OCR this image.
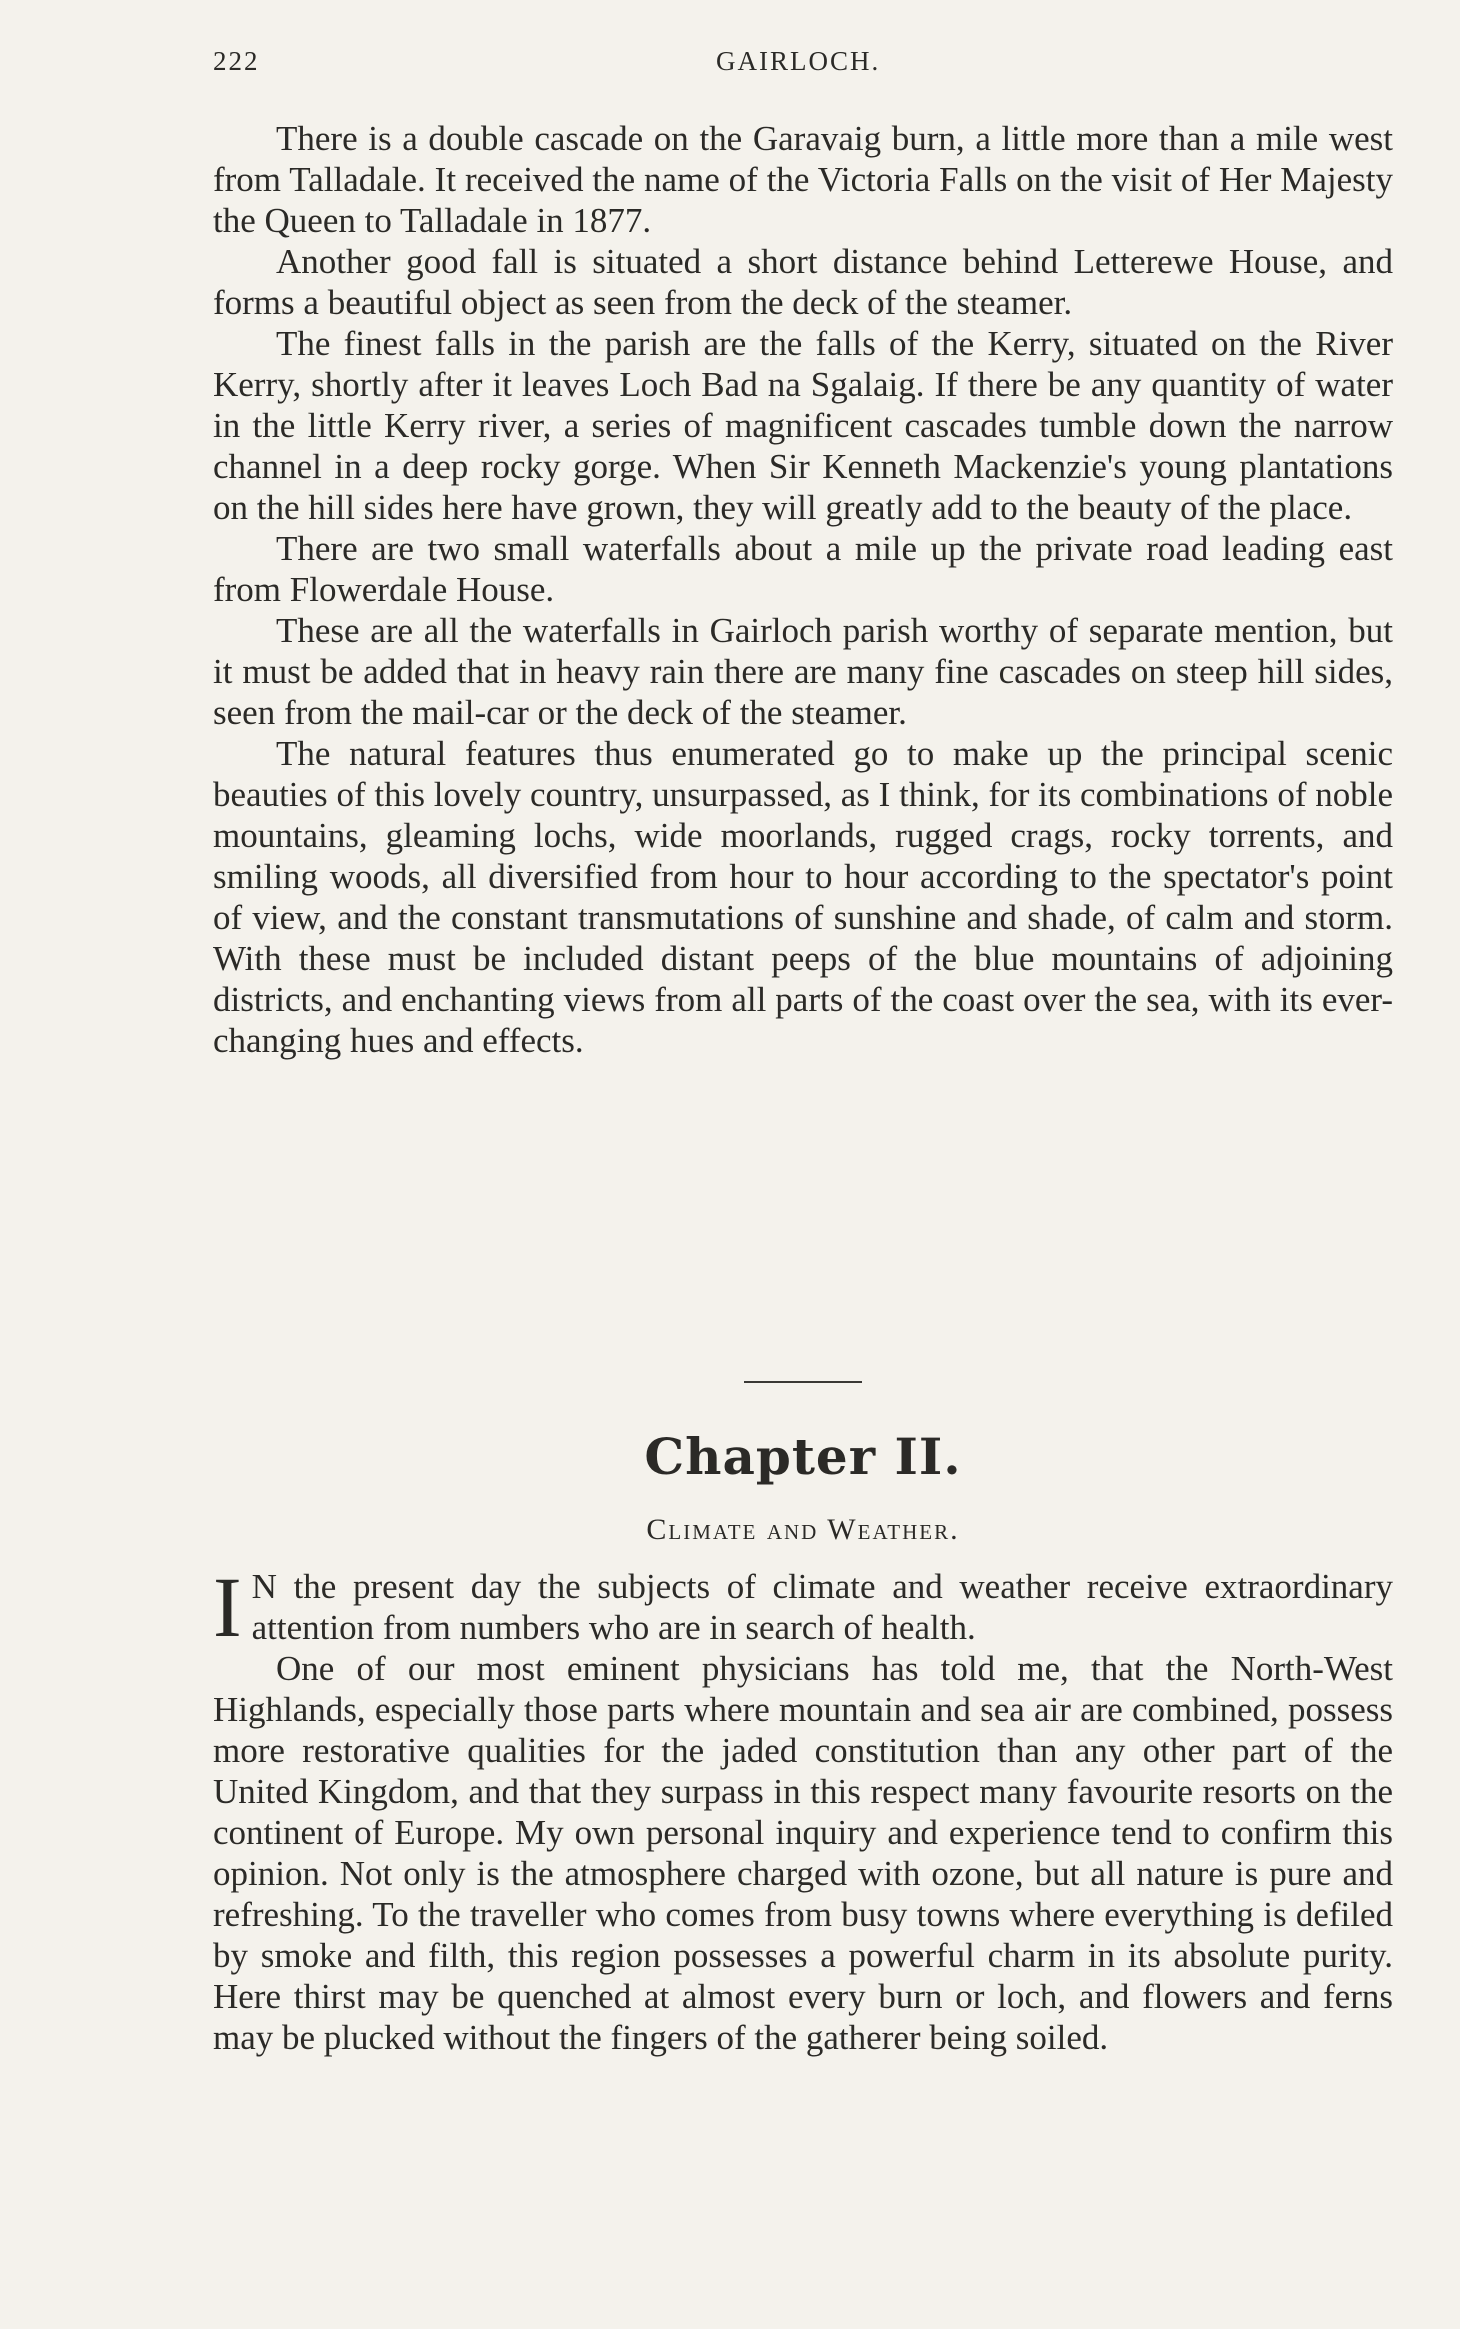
222	GAIRLOCH.

There is a double cascade on the Garavaig burn, a little more than a mile west from Talladale. It received the name of the Victoria Falls on the visit of Her Majesty the Queen to Talladale in 1877.

Another good fall is situated a short distance behind Letterewe House, and forms a beautiful object as seen from the deck of the steamer.

The finest falls in the parish are the falls of the Kerry, situated on the River Kerry, shortly after it leaves Loch Bad na Sgalaig. If there be any quantity of water in the little Kerry river, a series of magnificent cascades tumble down the narrow channel in a deep rocky gorge. When Sir Kenneth Mackenzie's young plantations on the hill sides here have grown, they will greatly add to the beauty of the place.

There are two small waterfalls about a mile up the private road leading east from Flowerdale House.

These are all the waterfalls in Gairloch parish worthy of separate mention, but it must be added that in heavy rain there are many fine cascades on steep hill sides, seen from the mail-car or the deck of the steamer.

The natural features thus enumerated go to make up the principal scenic beauties of this lovely country, unsurpassed, as I think, for its combinations of noble mountains, gleaming lochs, wide moorlands, rugged crags, rocky torrents, and smiling woods, all diversified from hour to hour according to the spectator's point of view, and the constant transmutations of sunshine and shade, of calm and storm. With these must be included distant peeps of the blue mountains of adjoining districts, and enchanting views from all parts of the coast over the sea, with its ever-changing hues and effects.

Chapter II.
Climate and Weather.

I N the present day the subjects of climate and weather receive extraordinary attention from numbers who are in search of health.

One of our most eminent physicians has told me, that the North-West Highlands, especially those parts where mountain and sea air are combined, possess more restorative qualities for the jaded constitution than any other part of the United Kingdom, and that they surpass in this respect many favourite resorts on the continent of Europe. My own personal inquiry and experience tend to confirm this opinion. Not only is the atmosphere charged with ozone, but all nature is pure and refreshing. To the traveller who comes from busy towns where everything is defiled by smoke and filth, this region possesses a powerful charm in its absolute purity. Here thirst may be quenched at almost every burn or loch, and flowers and ferns may be plucked without the fingers of the gatherer being soiled.
